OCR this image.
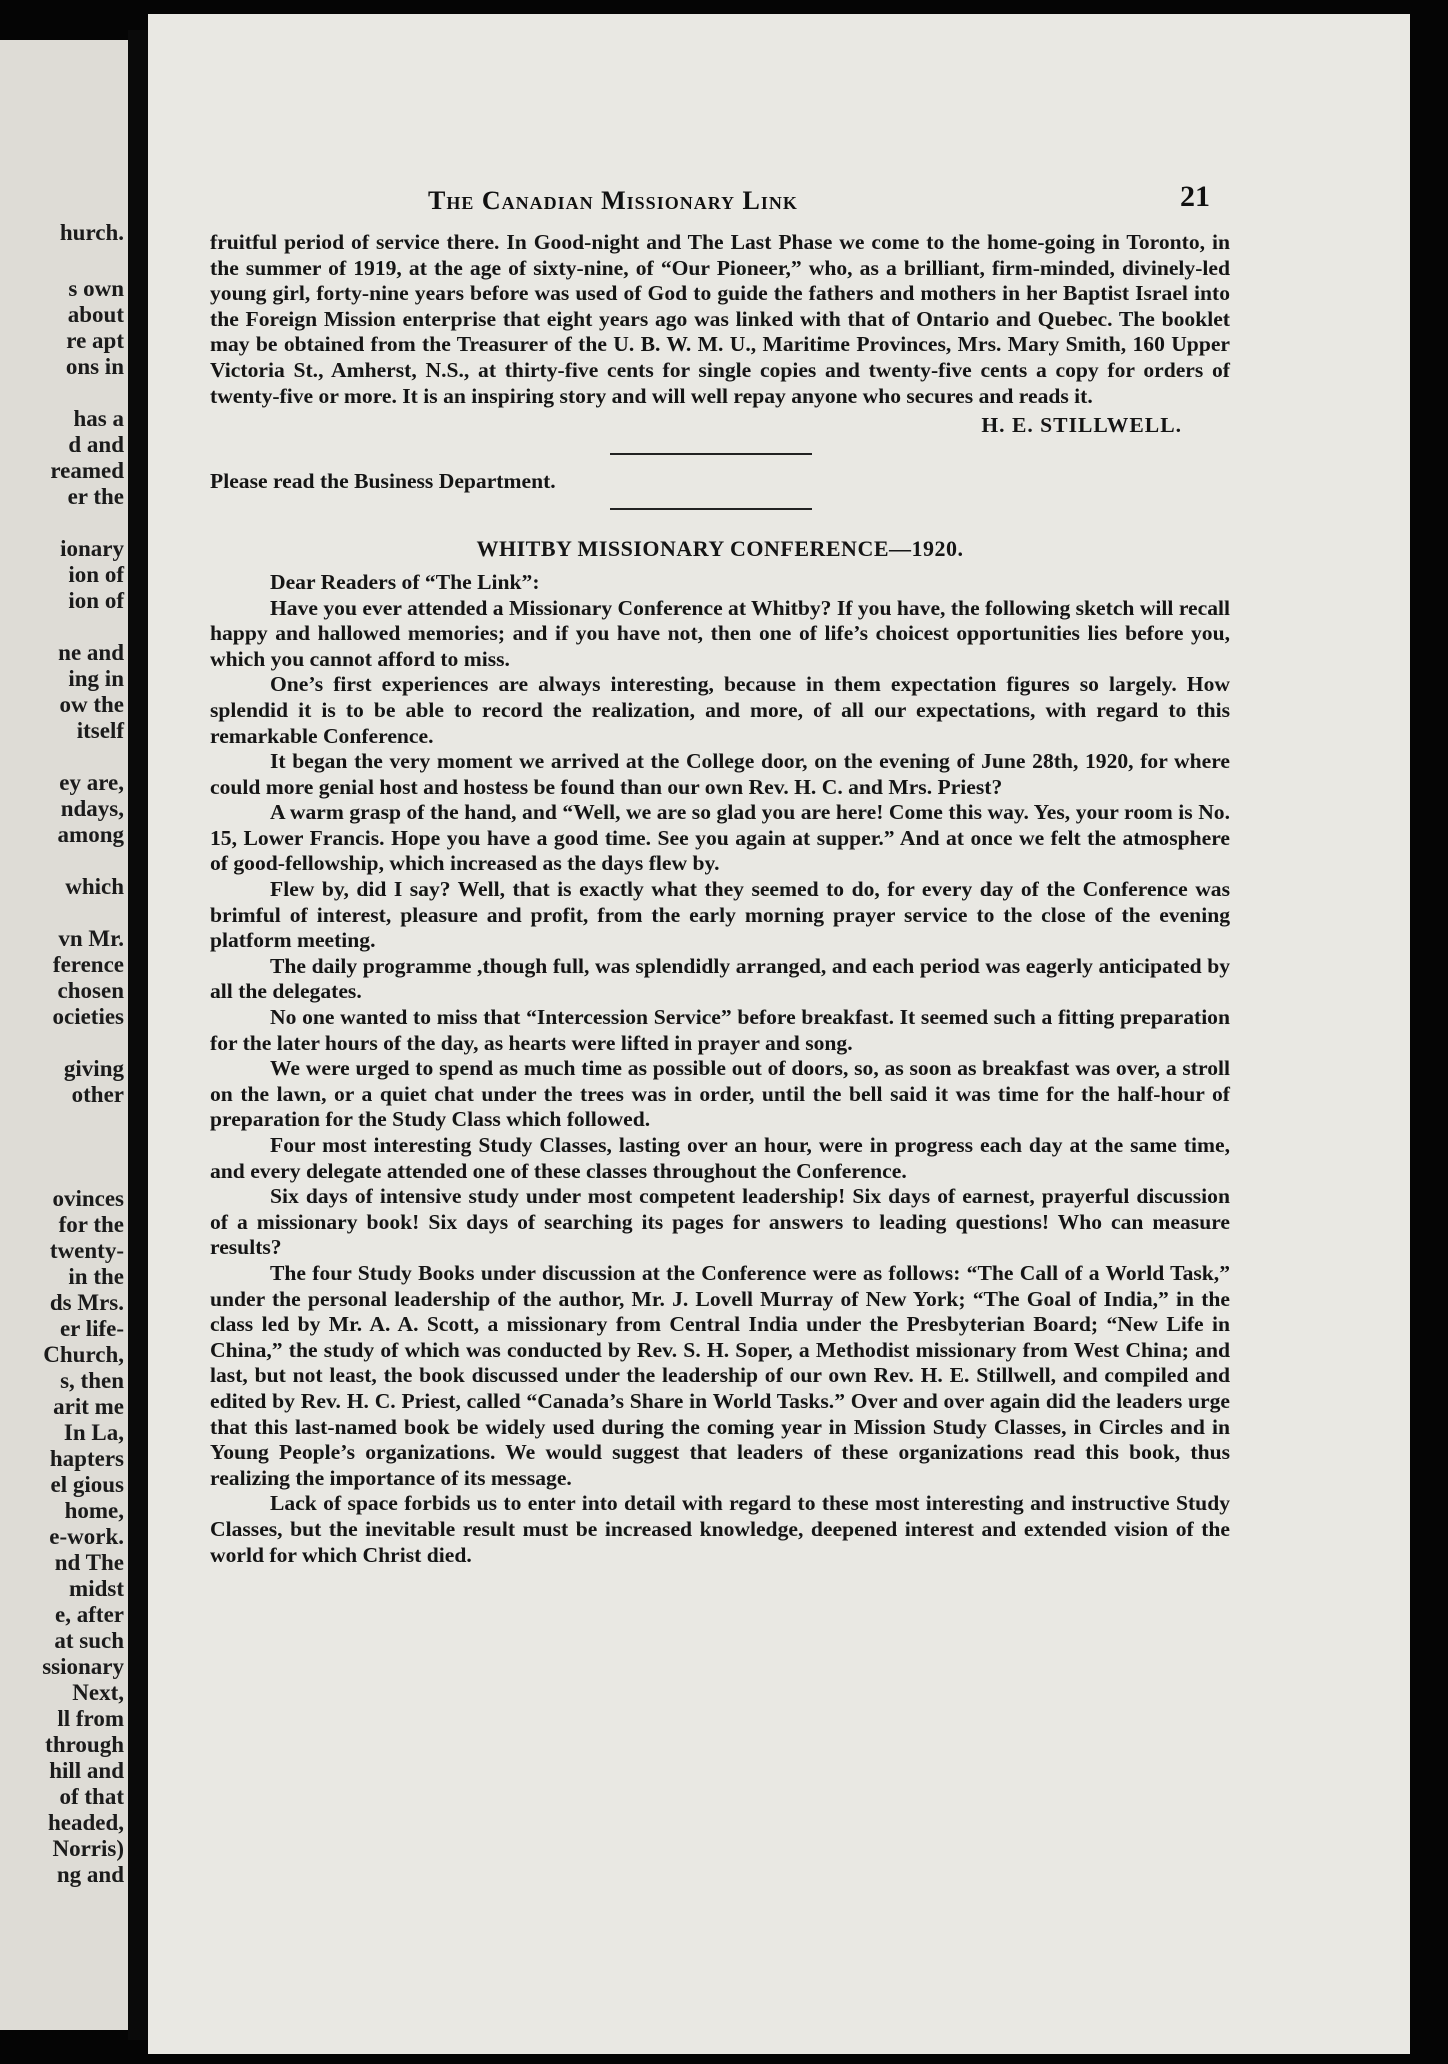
hurch.
s own
about
re apt
ons in
has a
d and
reamed
er the
ionary
ion of
ion of
ne and
ing in
ow the
itself
ey are,
ndays,
among
which
vn Mr.
ference
chosen
ocieties
giving
other
ovinces
for the
twenty-
in the
ds Mrs.
er life-
Church,
s, then
arit me
In La,
hapters
el gious
home,
e-work.
nd The
midst
e, after
at such
ssionary
Next,
ll from
through
hill and
of that
headed,
Norris)
ng and
The Canadian Missionary Link	21

fruitful period of service there. In Good-night and The Last Phase we come to the home-going in Toronto, in the summer of 1919, at the age of sixty-nine, of “Our Pioneer,” who, as a brilliant, firm-minded, divinely-led young girl, forty-nine years before was used of God to guide the fathers and mothers in her Baptist Israel into the Foreign Mission enterprise that eight years ago was linked with that of Ontario and Quebec. The booklet may be obtained from the Treasurer of the U. B. W. M. U., Maritime Provinces, Mrs. Mary Smith, 160 Upper Victoria St., Amherst, N.S., at thirty-five cents for single copies and twenty-five cents a copy for orders of twenty-five or more. It is an inspiring story and will well repay anyone who secures and reads it.

H. E. STILLWELL.

Please read the Business Department.

WHITBY MISSIONARY CONFERENCE—1920.

Dear Readers of “The Link”:

Have you ever attended a Missionary Conference at Whitby? If you have, the following sketch will recall happy and hallowed memories; and if you have not, then one of life’s choicest opportunities lies before you, which you cannot afford to miss.

One’s first experiences are always interesting, because in them expectation figures so largely. How splendid it is to be able to record the realization, and more, of all our expectations, with regard to this remarkable Conference.

It began the very moment we arrived at the College door, on the evening of June 28th, 1920, for where could more genial host and hostess be found than our own Rev. H. C. and Mrs. Priest?

A warm grasp of the hand, and “Well, we are so glad you are here! Come this way. Yes, your room is No. 15, Lower Francis. Hope you have a good time. See you again at supper.” And at once we felt the atmosphere of good-fellowship, which increased as the days flew by.

Flew by, did I say? Well, that is exactly what they seemed to do, for every day of the Conference was brimful of interest, pleasure and profit, from the early morning prayer service to the close of the evening platform meeting.

The daily programme ,though full, was splendidly arranged, and each period was eagerly anticipated by all the delegates.

No one wanted to miss that “Intercession Service” before breakfast. It seemed such a fitting preparation for the later hours of the day, as hearts were lifted in prayer and song.

We were urged to spend as much time as possible out of doors, so, as soon as breakfast was over, a stroll on the lawn, or a quiet chat under the trees was in order, until the bell said it was time for the half-hour of preparation for the Study Class which followed.

Four most interesting Study Classes, lasting over an hour, were in progress each day at the same time, and every delegate attended one of these classes throughout the Conference.

Six days of intensive study under most competent leadership! Six days of earnest, prayerful discussion of a missionary book! Six days of searching its pages for answers to leading questions! Who can measure results?

The four Study Books under discussion at the Conference were as follows: “The Call of a World Task,” under the personal leadership of the author, Mr. J. Lovell Murray of New York; “The Goal of India,” in the class led by Mr. A. A. Scott, a missionary from Central India under the Presbyterian Board; “New Life in China,” the study of which was conducted by Rev. S. H. Soper, a Methodist missionary from West China; and last, but not least, the book discussed under the leadership of our own Rev. H. E. Stillwell, and compiled and edited by Rev. H. C. Priest, called “Canada’s Share in World Tasks.” Over and over again did the leaders urge that this last-named book be widely used during the coming year in Mission Study Classes, in Circles and in Young People’s organizations. We would suggest that leaders of these organizations read this book, thus realizing the importance of its message.

Lack of space forbids us to enter into detail with regard to these most interesting and instructive Study Classes, but the inevitable result must be increased knowledge, deepened interest and extended vision of the world for which Christ died.
